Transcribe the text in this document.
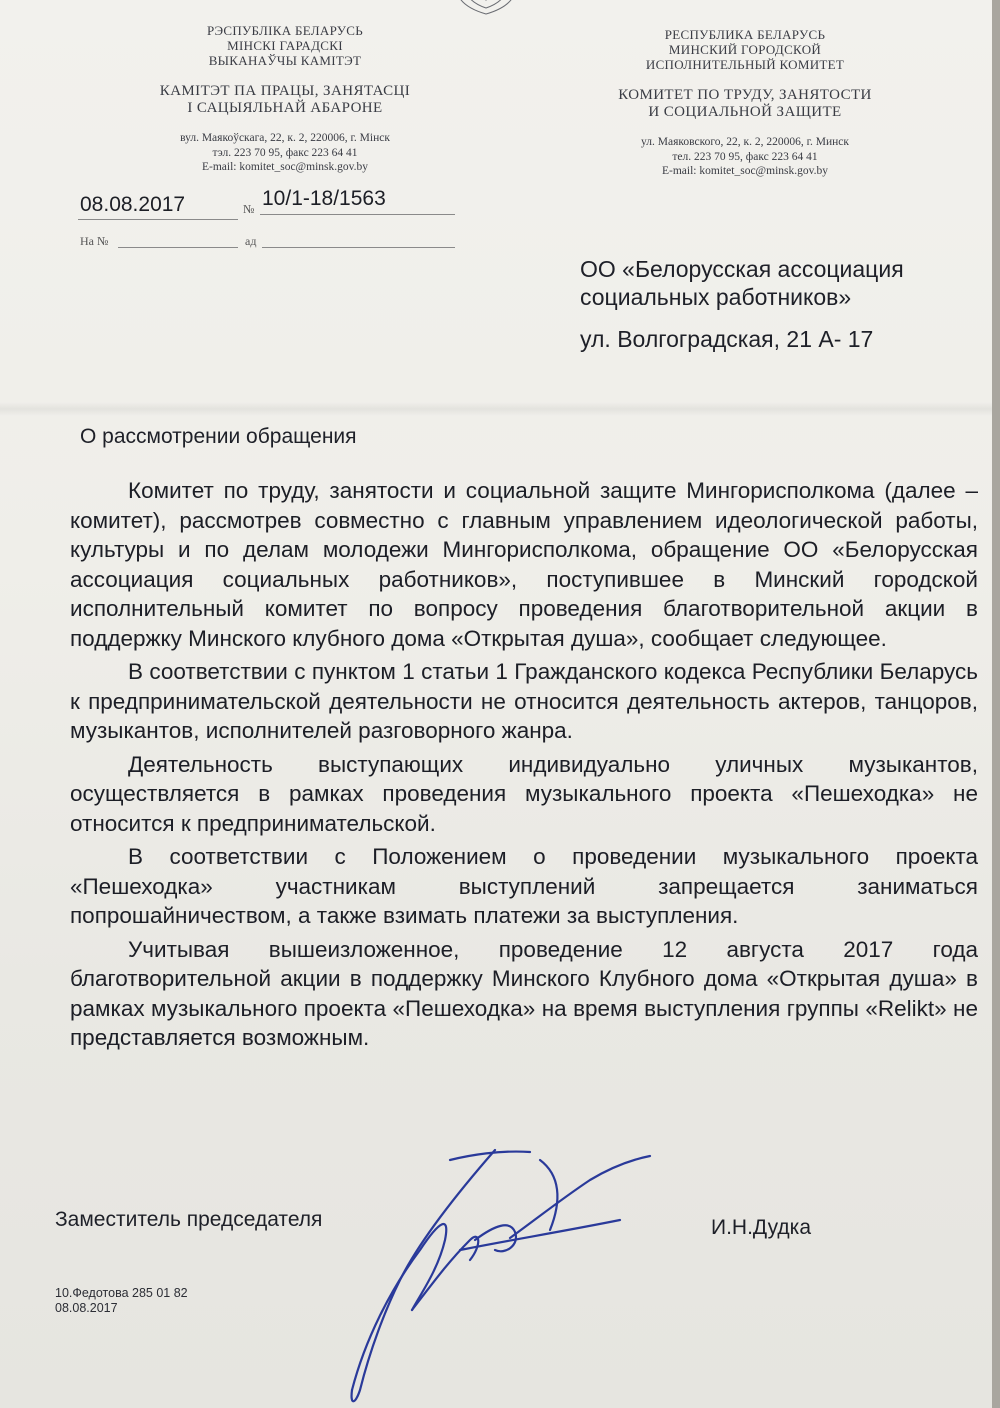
РЭСПУБЛІКА БЕЛАРУСЬ
МІНСКІ ГАРАДСКІ
ВЫКАНАЎЧЫ КАМІТЭТ
КАМІТЭТ ПА ПРАЦЫ, ЗАНЯТАСЦІ
І САЦЫЯЛЬНАЙ АБАРОНЕ
вул. Маякоўскага, 22, к. 2, 220006, г. Мінск
тэл. 223 70 95, факс 223 64 41
E-mail: komitet_soc@minsk.gov.by
РЕСПУБЛИКА БЕЛАРУСЬ
МИНСКИЙ ГОРОДСКОЙ
ИСПОЛНИТЕЛЬНЫЙ КОМИТЕТ
КОМИТЕТ ПО ТРУДУ, ЗАНЯТОСТИ
И СОЦИАЛЬНОЙ ЗАЩИТЕ
ул. Маяковского, 22, к. 2, 220006, г. Минск
тел. 223 70 95, факс 223 64 41
E-mail: komitet_soc@minsk.gov.by
08.08.2017	№ 10/1-18/1563
На №	ад
ОО «Белорусская ассоциация
социальных работников»
ул. Волгоградская, 21 А- 17
О рассмотрении обращения

Комитет по труду, занятости и социальной защите Мингорисполкома (далее – комитет), рассмотрев совместно с главным управлением идеологической работы, культуры и по делам молодежи Мингорисполкома, обращение ОО «Белорусская ассоциация социальных работников», поступившее в Минский городской исполнительный комитет по вопросу проведения благотворительной акции в поддержку Минского клубного дома «Открытая душа», сообщает следующее.

В соответствии с пунктом 1 статьи 1 Гражданского кодекса Республики Беларусь к предпринимательской деятельности не относится деятельность актеров, танцоров, музыкантов, исполнителей разговорного жанра.

Деятельность выступающих индивидуально уличных музыкантов, осуществляется в рамках проведения музыкального проекта «Пешеходка» не относится к предпринимательской.

В соответствии с Положением о проведении музыкального проекта «Пешеходка» участникам выступлений запрещается заниматься попрошайничеством, а также взимать платежи за выступления.

Учитывая вышеизложенное, проведение 12 августа 2017 года благотворительной акции в поддержку Минского Клубного дома «Открытая душа» в рамках музыкального проекта «Пешеходка» на время выступления группы «Relikt» не представляется возможным.

Заместитель председателя	И.Н.Дудка
10.Федотова 285 01 82
08.08.2017
